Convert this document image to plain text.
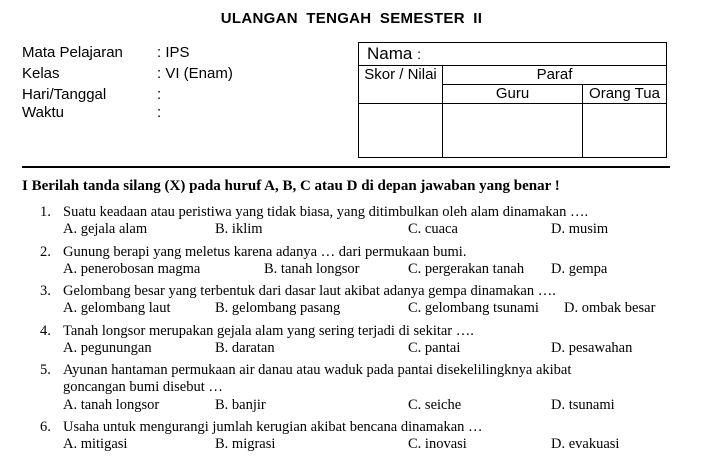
ULANGAN TENGAH SEMESTER II
Mata Pelajaran : IPS
Kelas	: VI (Enam)
Hari/Tanggal	:
Waktu	:
Nama :
Skor / Nilai	Paraf
Guru	Orang Tua
I Berilah tanda silang (X) pada huruf A, B, C atau D di depan jawaban yang benar !
1. Suatu keadaan atau peristiwa yang tidak biasa, yang ditimbulkan oleh alam dinamakan ….
A. gejala alam	B. iklim	C. cuaca	D. musim
2. Gunung berapi yang meletus karena adanya … dari permukaan bumi.
A. penerobosan magma	B. tanah longsor	C. pergerakan tanah D. gempa
3. Gelombang besar yang terbentuk dari dasar laut akibat adanya gempa dinamakan ….
A. gelombang laut	B. gelombang pasang	C. gelombang tsunami D. ombak besar
4. Tanah longsor merupakan gejala alam yang sering terjadi di sekitar ….
A. pegunungan	B. daratan	C. pantai	D. pesawahan
5. Ayunan hantaman permukaan air danau atau waduk pada pantai disekelilingknya akibat
goncangan bumi disebut …
A. tanah longsor	B. banjir	C. seiche	D. tsunami
6. Usaha untuk mengurangi jumlah kerugian akibat bencana dinamakan …
A. mitigasi	B. migrasi	C. inovasi	D. evakuasi
